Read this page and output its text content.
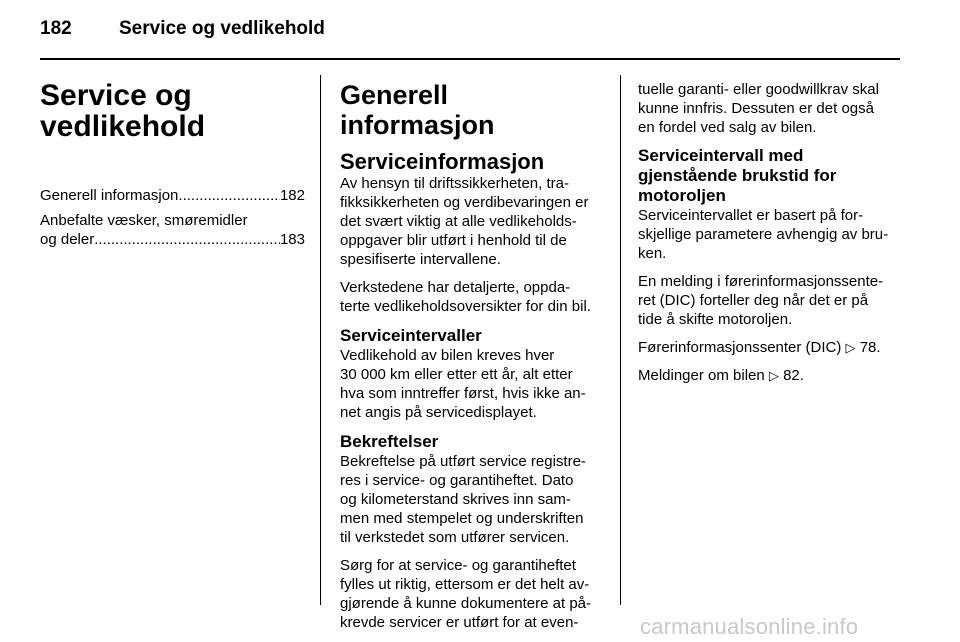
182 Service og vedlikehold
Service og
vedlikehold
Generell informasjon .....	182
Anbefalte væsker, smøremidler
og deler .....	183
Generell informasjon
Serviceinformasjon

Av hensyn til driftssikkerheten, tra-
fikksikkerheten og verdibevaringen er
det svært viktig at alle vedlikeholds-
oppgaver blir utført i henhold til de
spesifiserte intervallene.

Verkstedene har detaljerte, oppda-
terte vedlikeholdsoversikter for din bil.

Serviceintervaller

Vedlikehold av bilen kreves hver
30 000 km eller etter ett år, alt etter
hva som inntreffer først, hvis ikke an-
net angis på servicedisplayet.

Bekreftelser

Bekreftelse på utført service registre-
res i service- og garantiheftet. Dato
og kilometerstand skrives inn sam-
men med stempelet og underskriften
til verkstedet som utfører servicen.

Sørg for at service- og garantiheftet
fylles ut riktig, ettersom er det helt av-
gjørende å kunne dokumentere at på-
krevde servicer er utført for at even-

tuelle garanti- eller goodwillkrav skal
kunne innfris. Dessuten er det også
en fordel ved salg av bilen.

Serviceintervall med
gjenstående brukstid for
motoroljen

Serviceintervallet er basert på for-
skjellige parametere avhengig av bru-
ken.

En melding i førerinformasjonssente-
ret (DIC) forteller deg når det er på
tide å skifte motoroljen.

Førerinformasjonssenter (DIC) ▷ 78.

Meldinger om bilen ▷ 82.

carmanualsonline.info
